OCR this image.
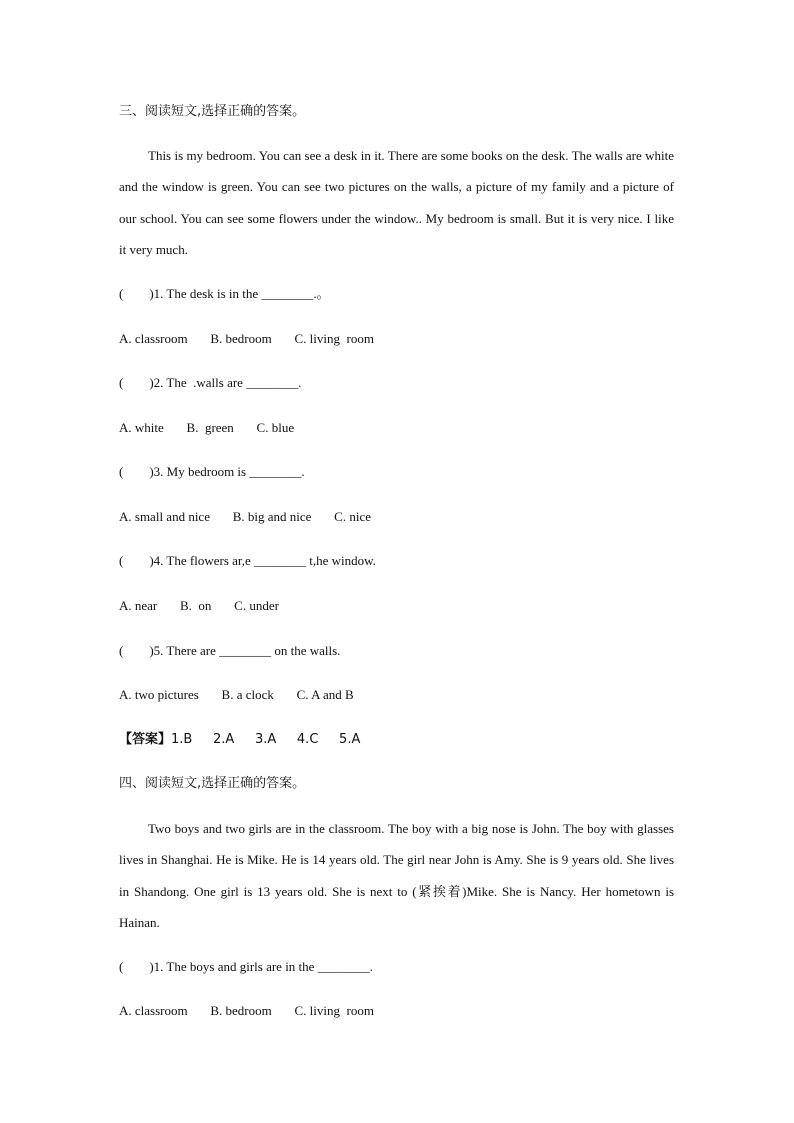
三、阅读短文,选择正确的答案。

This is my bedroom. You can see a desk in it. There are some books on the desk. The walls are white and the window is green. You can see two pictures on the walls, a picture of my family and a picture of our school. You can see some flowers under the window.. My bedroom is small. But it is very nice. I like it very much.

(        )1. The desk is in the ________.。
A. classroom       B. bedroom       C. living  room
(        )2. The  .walls are ________.
A. white       B.  green       C. blue
(        )3. My bedroom is ________.
A. small and nice       B. big and nice       C. nice
(        )4. The flowers ar,e ________ t,he window.
A. near       B.  on       C. under
(        )5. There are ________ on the walls.
A. two pictures       B. a clock       C. A and B
【答案】1.B     2.A     3.A     4.C     5.A
四、阅读短文,选择正确的答案。

Two boys and two girls are in the classroom. The boy with a big nose is John. The boy with glasses lives in Shanghai. He is Mike. He is 14 years old. The girl near John is Amy. She is 9 years old. She lives in Shandong. One girl is 13 years old. She is next to (紧挨着)Mike. She is Nancy. Her hometown is Hainan.

(        )1. The boys and girls are in the ________.
A. classroom       B. bedroom       C. living  room
